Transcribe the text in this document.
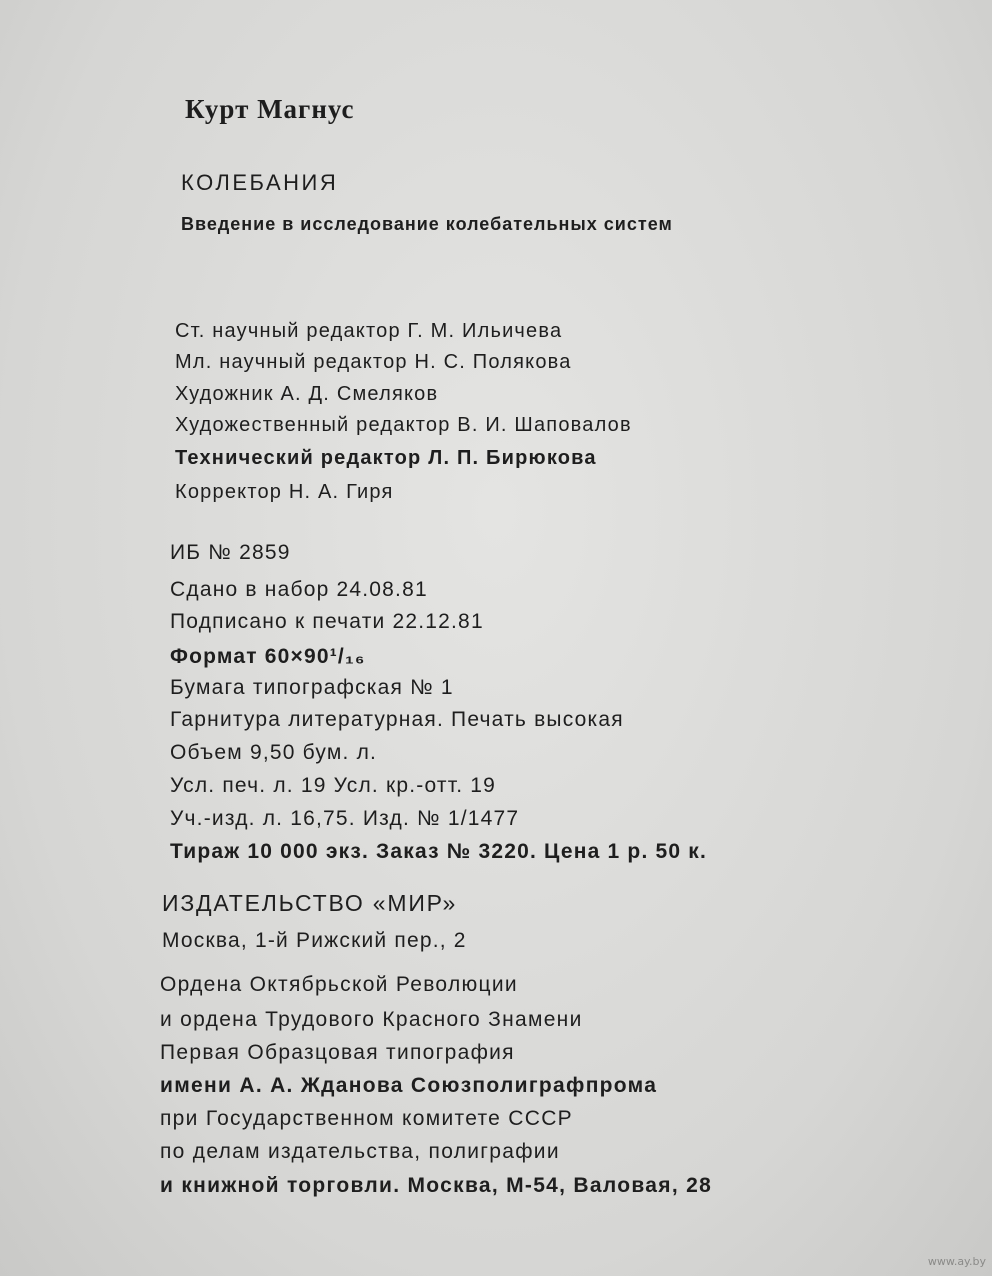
Курт Магнус
КОЛЕБАНИЯ
Введение в исследование колебательных систем
Ст. научный редактор Г. М. Ильичева
Мл. научный редактор Н. С. Полякова
Художник А. Д. Смеляков
Художественный редактор В. И. Шаповалов
Технический редактор Л. П. Бирюкова
Корректор Н. А. Гиря
ИБ № 2859
Сдано в набор 24.08.81
Подписано к печати 22.12.81
Формат 60×90¹/₁₆
Бумага типографская № 1
Гарнитура литературная. Печать высокая
Объем 9,50 бум. л.
Усл. печ. л. 19 Усл. кр.-отт. 19
Уч.-изд. л. 16,75. Изд. № 1/1477
Тираж 10 000 экз. Заказ № 3220. Цена 1 р. 50 к.
ИЗДАТЕЛЬСТВО «МИР»
Москва, 1-й Рижский пер., 2
Ордена Октябрьской Революции
и ордена Трудового Красного Знамени
Первая Образцовая типография
имени А. А. Жданова Союзполиграфпрома
при Государственном комитете СССР
по делам издательства, полиграфии
и книжной торговли. Москва, М-54, Валовая, 28
www.ay.by
